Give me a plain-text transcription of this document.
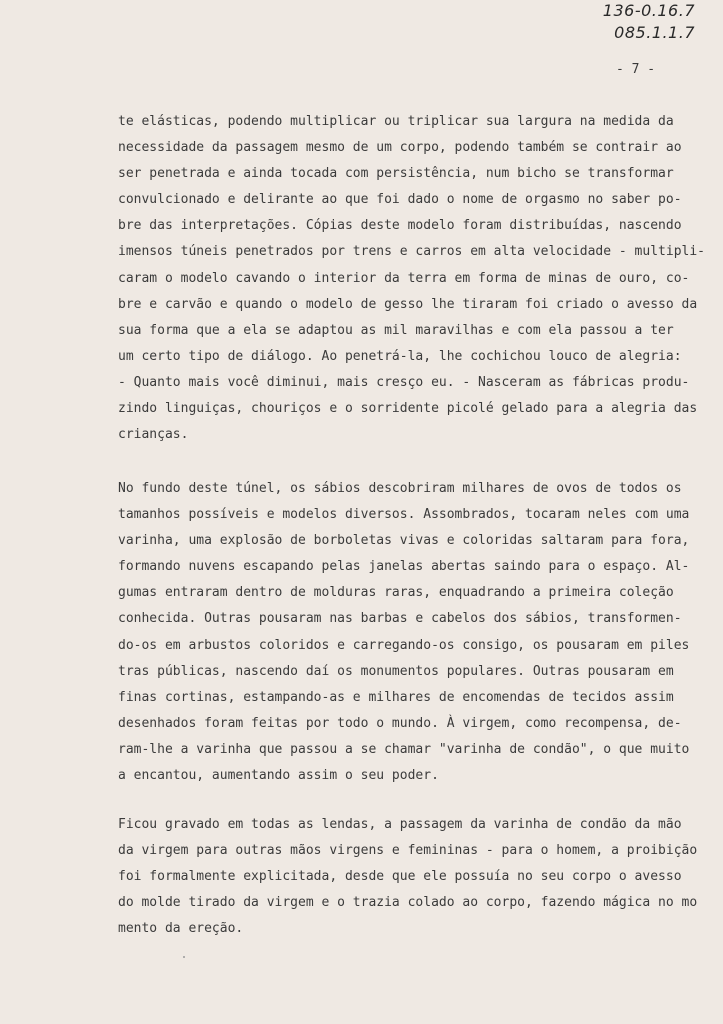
136-0.16.7
085.1.1.7
- 7 -
te elásticas, podendo multiplicar ou triplicar sua largura na medida da
necessidade da passagem mesmo de um corpo, podendo também se contrair ao
ser penetrada e ainda tocada com persistência, num bicho se transformar
convulcionado e delirante ao que foi dado o nome de orgasmo no saber po-
bre das interpretações. Cópias deste modelo foram distribuídas, nascendo
imensos túneis penetrados por trens e carros em alta velocidade - multipli-
caram o modelo cavando o interior da terra em forma de minas de ouro, co-
bre e carvão e quando o modelo de gesso lhe tiraram foi criado o avesso da
sua forma que a ela se adaptou as mil maravilhas e com ela passou a ter
um certo tipo de diálogo. Ao penetrá-la, lhe cochichou louco de alegria:
- Quanto mais você diminui, mais cresço eu. - Nasceram as fábricas produ-
zindo linguiças, chouriços e o sorridente picolé gelado para a alegria das
crianças.
No fundo deste túnel, os sábios descobriram milhares de ovos de todos os
tamanhos possíveis e modelos diversos. Assombrados, tocaram neles com uma
varinha, uma explosão de borboletas vivas e coloridas saltaram para fora,
formando nuvens escapando pelas janelas abertas saindo para o espaço. Al-
gumas entraram dentro de molduras raras, enquadrando a primeira coleção
conhecida. Outras pousaram nas barbas e cabelos dos sábios, transformen-
do-os em arbustos coloridos e carregando-os consigo, os pousaram em piles
tras públicas, nascendo daí os monumentos populares. Outras pousaram em
finas cortinas, estampando-as e milhares de encomendas de tecidos assim
desenhados foram feitas por todo o mundo. À virgem, como recompensa, de-
ram-lhe a varinha que passou a se chamar "varinha de condão", o que muito
a encantou, aumentando assim o seu poder.
Ficou gravado em todas as lendas, a passagem da varinha de condão da mão
da virgem para outras mãos virgens e femininas - para o homem, a proibição
foi formalmente explicitada, desde que ele possuía no seu corpo o avesso
do molde tirado da virgem e o trazia colado ao corpo, fazendo mágica no mo
mento da ereção.
